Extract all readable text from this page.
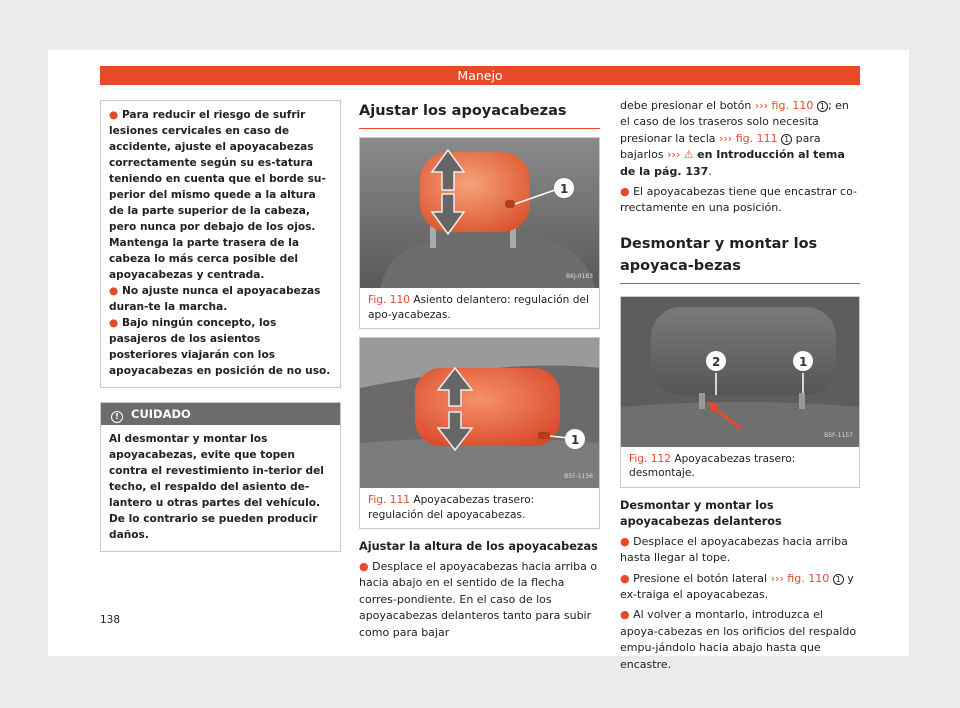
Manejo

● Para reducir el riesgo de sufrir lesiones cervicales en caso de accidente, ajuste el apoyacabezas correctamente según su es-tatura teniendo en cuenta que el borde su-perior del mismo quede a la altura de la parte superior de la cabeza, pero nunca por debajo de los ojos. Mantenga la parte trasera de la cabeza lo más cerca posible del apoyacabezas y centrada.

● No ajuste nunca el apoyacabezas duran-te la marcha.

● Bajo ningún concepto, los pasajeros de los asientos posteriores viajarán con los apoyacabezas en posición de no uso.

! CUIDADO
Al desmontar y montar los apoyacabezas, evite que topen contra el revestimiento in-terior del techo, el respaldo del asiento de-lantero u otras partes del vehículo. De lo contrario se pueden producir daños.
Ajustar los apoyacabezas
BKJ-0183
1
Fig. 110 Asiento delantero: regulación del apo-yacabezas.
B5F-1156
1
Fig. 111 Apoyacabezas trasero: regulación del apoyacabezas.
Ajustar la altura de los apoyacabezas
● Desplace el apoyacabezas hacia arriba o hacia abajo en el sentido de la flecha corres-pondiente. En el caso de los apoyacabezas delanteros tanto para subir como para bajar
debe presionar el botón ››› fig. 110 1 ; en el caso de los traseros solo necesita presionar la tecla ››› fig. 111 1 para bajarlos ››› ⚠ en Introducción al tema de la pág. 137.
● El apoyacabezas tiene que encastrar co-rrectamente en una posición.
Desmontar y montar los apoyaca-bezas
B5F-1157
1
2
Fig. 112 Apoyacabezas trasero: desmontaje.
Desmontar y montar los apoyacabezas delanteros
● Desplace el apoyacabezas hacia arriba hasta llegar al tope.
● Presione el botón lateral ››› fig. 110 1 y ex-traiga el apoyacabezas.
● Al volver a montarlo, introduzca el apoya-cabezas en los orificios del respaldo empu-jándolo hacia abajo hasta que encastre.
138
